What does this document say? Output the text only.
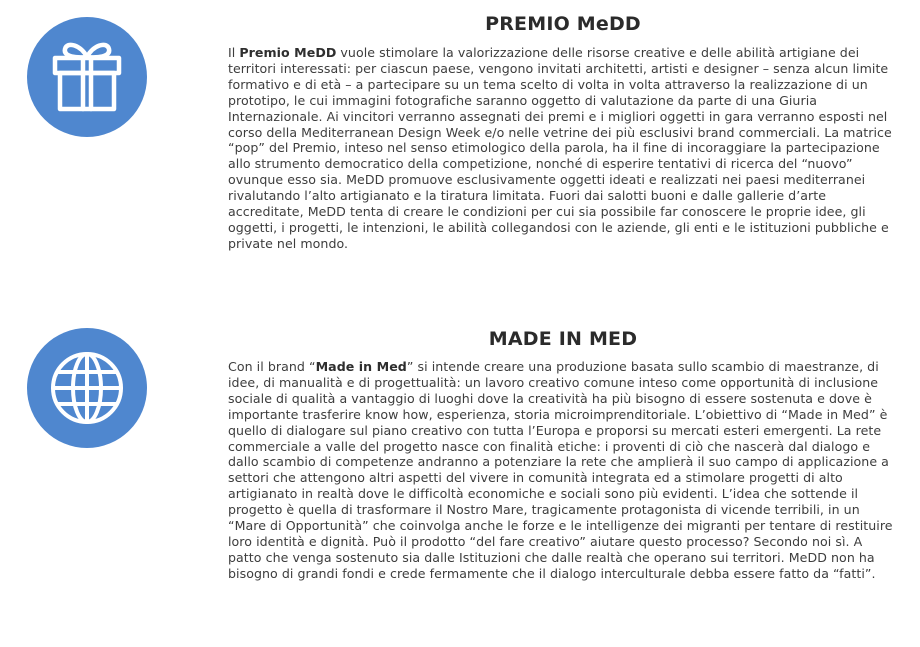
PREMIO MeDD

Il Premio MeDD vuole stimolare la valorizzazione delle risorse creative e delle abilità artigiane dei territori interessati: per ciascun paese, vengono invitati architetti, artisti e designer – senza alcun limite formativo e di età – a partecipare su un tema scelto di volta in volta attraverso la realizzazione di un prototipo, le cui immagini fotografiche saranno oggetto di valutazione da parte di una Giuria Internazionale. Ai vincitori verranno assegnati dei premi e i migliori oggetti in gara verranno esposti nel corso della Mediterranean Design Week e/o nelle vetrine dei più esclusivi brand commerciali. La matrice “pop” del Premio, inteso nel senso etimologico della parola, ha il fine di incoraggiare la partecipazione allo strumento democratico della competizione, nonché di esperire tentativi di ricerca del “nuovo” ovunque esso sia. MeDD promuove esclusivamente oggetti ideati e realizzati nei paesi mediterranei rivalutando l’alto artigianato e la tiratura limitata. Fuori dai salotti buoni e dalle gallerie d’arte accreditate, MeDD tenta di creare le condizioni per cui sia possibile far conoscere le proprie idee, gli oggetti, i progetti, le intenzioni, le abilità collegandosi con le aziende, gli enti e le istituzioni pubbliche e private nel mondo.

MADE IN MED

Con il brand “Made in Med” si intende creare una produzione basata sullo scambio di maestranze, di idee, di manualità e di progettualità: un lavoro creativo comune inteso come opportunità di inclusione sociale di qualità a vantaggio di luoghi dove la creatività ha più bisogno di essere sostenuta e dove è importante trasferire know how, esperienza, storia microimprenditoriale. L’obiettivo di “Made in Med” è quello di dialogare sul piano creativo con tutta l’Europa e proporsi su mercati esteri emergenti. La rete commerciale a valle del progetto nasce con finalità etiche: i proventi di ciò che nascerà dal dialogo e dallo scambio di competenze andranno a potenziare la rete che amplierà il suo campo di applicazione a settori che attengono altri aspetti del vivere in comunità integrata ed a stimolare progetti di alto artigianato in realtà dove le difficoltà economiche e sociali sono più evidenti. L’idea che sottende il progetto è quella di trasformare il Nostro Mare, tragicamente protagonista di vicende terribili, in un “Mare di Opportunità” che coinvolga anche le forze e le intelligenze dei migranti per tentare di restituire loro identità e dignità. Può il prodotto “del fare creativo” aiutare questo processo? Secondo noi sì. A patto che venga sostenuto sia dalle Istituzioni che dalle realtà che operano sui territori. MeDD non ha bisogno di grandi fondi e crede fermamente che il dialogo interculturale debba essere fatto da “fatti”.
